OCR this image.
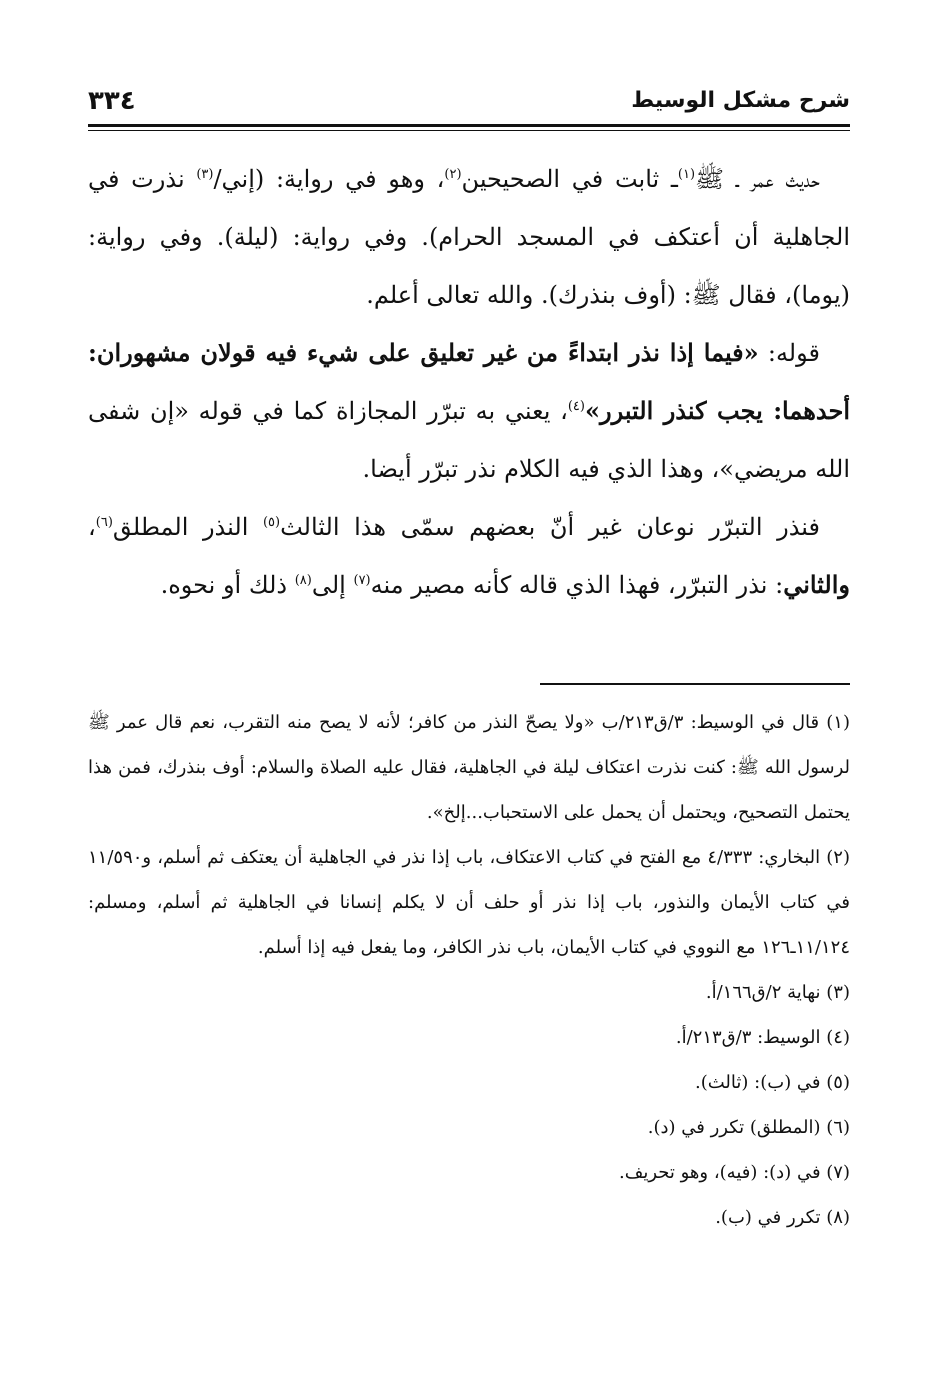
٣٣٤	شرح مشكل الوسيط

حديث عمر ـ ﷺ$^{(١)}$ـ ثابت في الصحيحين$^{(٢)}$، وهو في رواية: (إني/$^{(٣)}$ نذرت في الجاهلية أن أعتكف في المسجد الحرام). وفي رواية: (ليلة). وفي رواية: (يوما)، فقال ﷺ: (أوف بنذرك). والله تعالى أعلم.

قوله: «فيما إذا نذر ابتداءً من غير تعليق على شيء فيه قولان مشهوران: أحدهما: يجب كنذر التبرر»$^{(٤)}$، يعني به تبرّر المجازاة كما في قوله «إن شفى الله مريضي»، وهذا الذي فيه الكلام نذر تبرّر أيضا.

فنذر التبرّر نوعان غير أنّ بعضهم سمّى هذا الثالث$^{(٥)}$ النذر المطلق$^{(٦)}$، والثاني: نذر التبرّر، فهذا الذي قاله كأنه مصير منه$^{(٧)}$ إلى$^{(٨)}$ ذلك أو نحوه.

(١) قال في الوسيط: ٣/ق٢١٣/ب «ولا يصحّ النذر من كافر؛ لأنه لا يصح منه التقرب، نعم قال عمر ﷺ لرسول الله ﷺ: كنت نذرت اعتكاف ليلة في الجاهلية، فقال عليه الصلاة والسلام: أوف بنذرك، فمن هذا يحتمل التصحيح، ويحتمل أن يحمل على الاستحباب...إلخ».

(٢) البخاري: ٤/٣٣٣ مع الفتح في كتاب الاعتكاف، باب إذا نذر في الجاهلية أن يعتكف ثم أسلم، و١١/٥٩٠ في كتاب الأيمان والنذور، باب إذا نذر أو حلف أن لا يكلم إنسانا في الجاهلية ثم أسلم، ومسلم: ١١/١٢٤ـ١٢٦ مع النووي في كتاب الأيمان، باب نذر الكافر، وما يفعل فيه إذا أسلم.

(٣) نهاية ٢/ق١٦٦/أ.

(٤) الوسيط: ٣/ق٢١٣/أ.

(٥) في (ب): (ثالث).

(٦) (المطلق) تكرر في (د).

(٧) في (د): (فيه)، وهو تحريف.

(٨) تكرر في (ب).
